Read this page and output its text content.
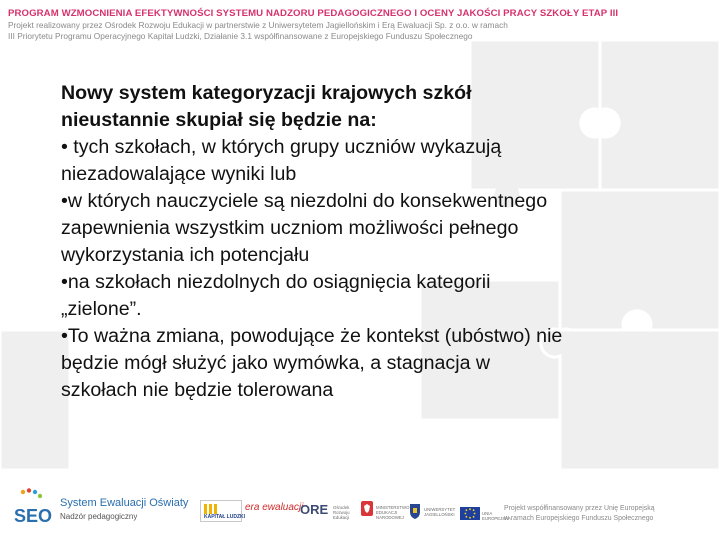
PROGRAM WZMOCNIENIA EFEKTYWNOŚCI SYSTEMU NADZORU PEDAGOGICZNEGO I OCENY JAKOŚCI PRACY SZKOŁY ETAP III
Projekt realizowany przez Ośrodek Rozwoju Edukacji w partnerstwie z Uniwersytetem Jagiellońskim i Erą Ewaluacji Sp. z o.o. w ramach
III Priorytetu Programu Operacyjnego Kapitał Ludzki, Działanie 3.1 współfinansowane z Europejskiego Funduszu Społecznego

Nowy system kategoryzacji krajowych szkół

nieustannie skupiał się będzie na:

• tych szkołach, w których grupy uczniów wykazują

niezadowalające wyniki lub

•w których nauczyciele są niezdolni do konsekwentnego

zapewnienia wszystkim uczniom możliwości pełnego

wykorzystania ich potencjału

•na szkołach niezdolnych do osiągnięcia kategorii

„zielone”.

•To ważna zmiana, powodujące że kontekst (ubóstwo) nie

będzie mógł służyć jako wymówka, a stagnacja w

szkołach nie będzie tolerowana

SEO
System Ewaluacji Oświaty
Nadzór pedagogiczny	KAPITAŁ LUDZKI
era ewaluacji
ORE Ośrodek Rozwoju Edukacji
MINISTERSTWO EDUKACJI NARODOWEJ
UNIWERSYTET JAGIELLOŃSKI	UNIA EUROPEJSKA
Projekt współfinansowany przez Unię Europejską
w ramach Europejskiego Funduszu Społecznego
